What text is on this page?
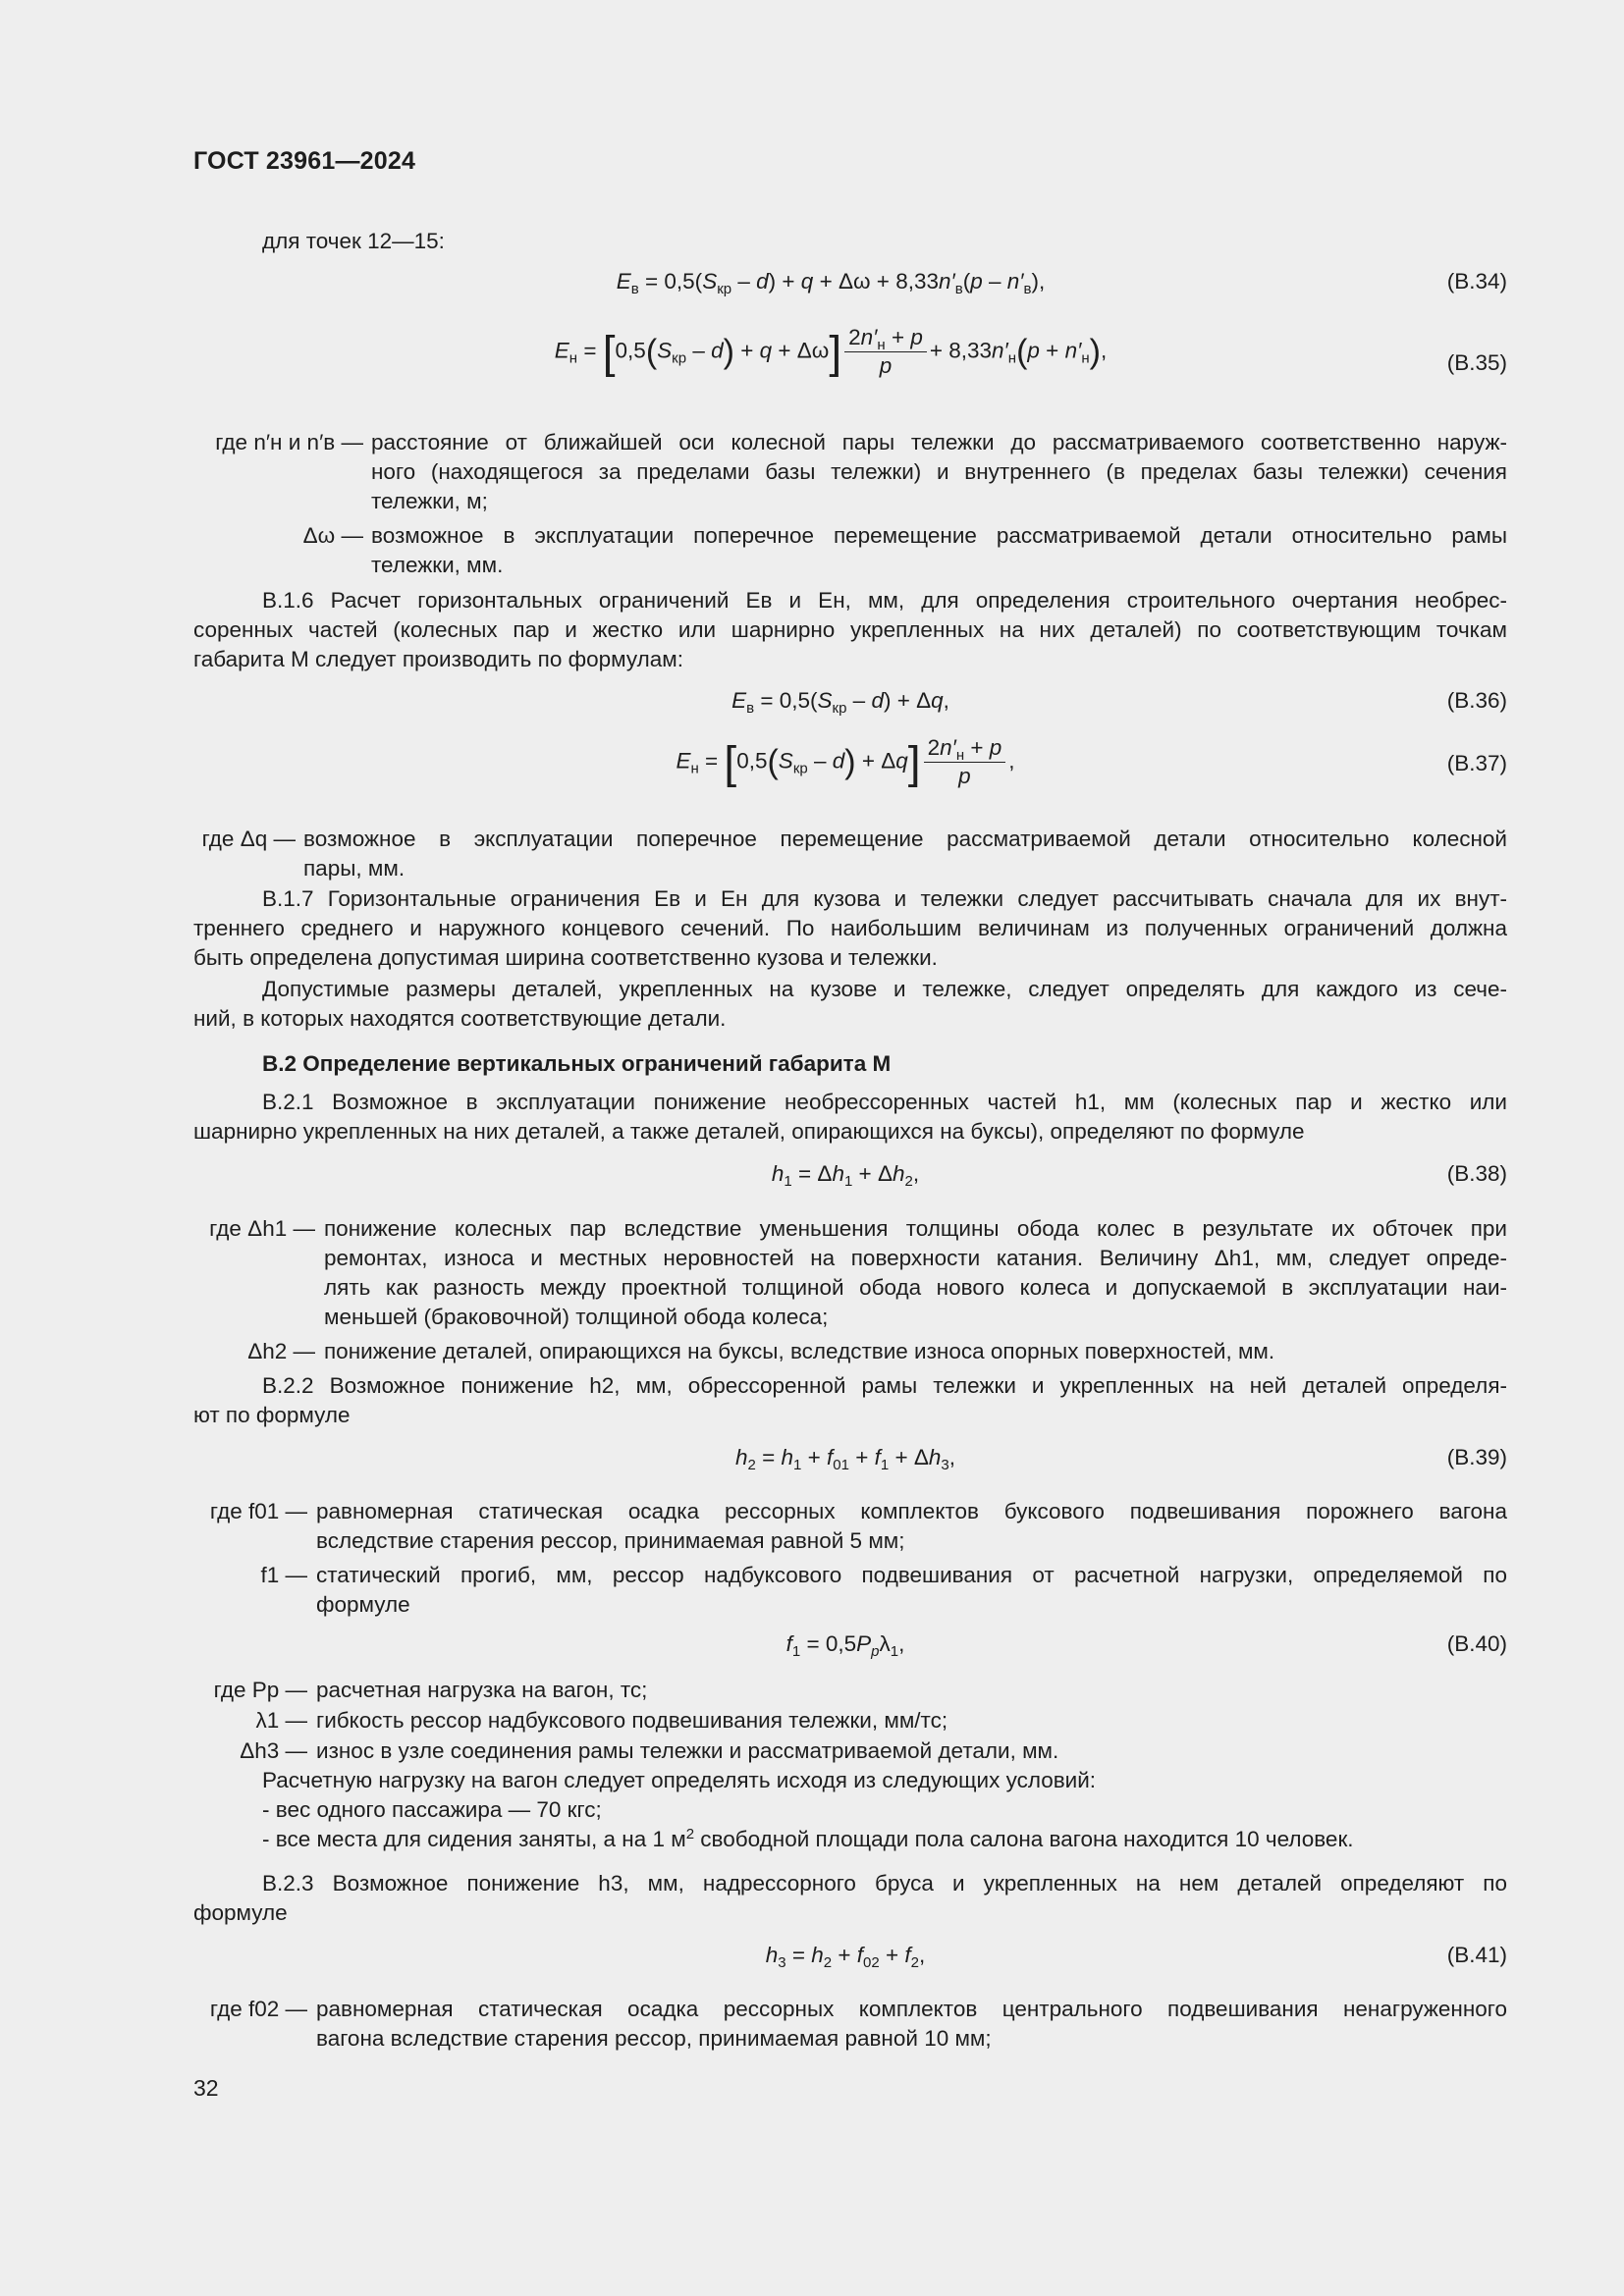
ГОСТ 23961—2024
для точек 12—15:
$E_в = 0,5(S_{кр} - d) + q + \Delta\omega + 8,33n'_в(p - n'_в)$,	(В.34)
$E_н = [0,5(S_{кр} - d) + q + \Delta\omega] \frac{2n'_н + p}{p} + 8,33n'_н(p + n'_н)$,
(В.35)
где n′н и n′в — расстояние от ближайшей оси колесной пары тележки до рассматриваемого соответственно наруж-
ного (находящегося за пределами базы тележки) и внутреннего (в пределах базы тележки) сечения
тележки, м;
Δω — возможное в эксплуатации поперечное перемещение рассматриваемой детали относительно рамы
тележки, мм.
В.1.6 Расчет горизонтальных ограничений Ев и Ен, мм, для определения строительного очертания необрес-
соренных частей (колесных пар и жестко или шарнирно укрепленных на них деталей) по соответствующим точкам
габарита М следует производить по формулам:
$E_в = 0,5(S_{кр} - d) + \Delta q$,	(В.36)
$E_н = [0,5(S_{кр} - d) + \Delta q] \frac{2n'_н + p}{p}$ ,	(В.37)
где Δq — возможное в эксплуатации поперечное перемещение рассматриваемой детали относительно колесной
пары, мм.
В.1.7 Горизонтальные ограничения Ев и Ен для кузова и тележки следует рассчитывать сначала для их внут-
треннего среднего и наружного концевого сечений. По наибольшим величинам из полученных ограничений должна
быть определена допустимая ширина соответственно кузова и тележки.
Допустимые размеры деталей, укрепленных на кузове и тележке, следует определять для каждого из сече-
ний, в которых находятся соответствующие детали.
В.2 Определение вертикальных ограничений габарита М
В.2.1 Возможное в эксплуатации понижение необрессоренных частей h1, мм (колесных пар и жестко или
шарнирно укрепленных на них деталей, а также деталей, опирающихся на буксы), определяют по формуле
$h_1 = \Delta h_1 + \Delta h_2$,	(В.38)
где Δh1 — понижение колесных пар вследствие уменьшения толщины обода колес в результате их обточек при
ремонтах, износа и местных неровностей на поверхности катания. Величину Δh1, мм, следует опреде-
лять как разность между проектной толщиной обода нового колеса и допускаемой в эксплуатации наи-
меньшей (браковочной) толщиной обода колеса;
Δh2 — понижение деталей, опирающихся на буксы, вследствие износа опорных поверхностей, мм.
В.2.2 Возможное понижение h2, мм, обрессоренной рамы тележки и укрепленных на ней деталей определя-
ют по формуле
$h_2 = h_1 + f_{01} + f_1 + \Delta h_3$,	(В.39)
где f01 — равномерная статическая осадка рессорных комплектов буксового подвешивания порожнего вагона
вследствие старения рессор, принимаемая равной 5 мм;
f1 — статический прогиб, мм, рессор надбуксового подвешивания от расчетной нагрузки, определяемой по
формуле
$f_1 = 0,5P_p\lambda_1$,	(В.40)
где Pp — расчетная нагрузка на вагон, тс;
λ1 — гибкость рессор надбуксового подвешивания тележки, мм/тс;
Δh3 — износ в узле соединения рамы тележки и рассматриваемой детали, мм.
Расчетную нагрузку на вагон следует определять исходя из следующих условий:
- вес одного пассажира — 70 кгс;
- все места для сидения заняты, а на 1 $м^2$ свободной площади пола салона вагона находится 10 человек.
В.2.3 Возможное понижение h3, мм, надрессорного бруса и укрепленных на нем деталей определяют по
формуле
$h_3 = h_2 + f_{02} + f_2$,	(В.41)
где f02 — равномерная статическая осадка рессорных комплектов центрального подвешивания ненагруженного
вагона вследствие старения рессор, принимаемая равной 10 мм;
32
